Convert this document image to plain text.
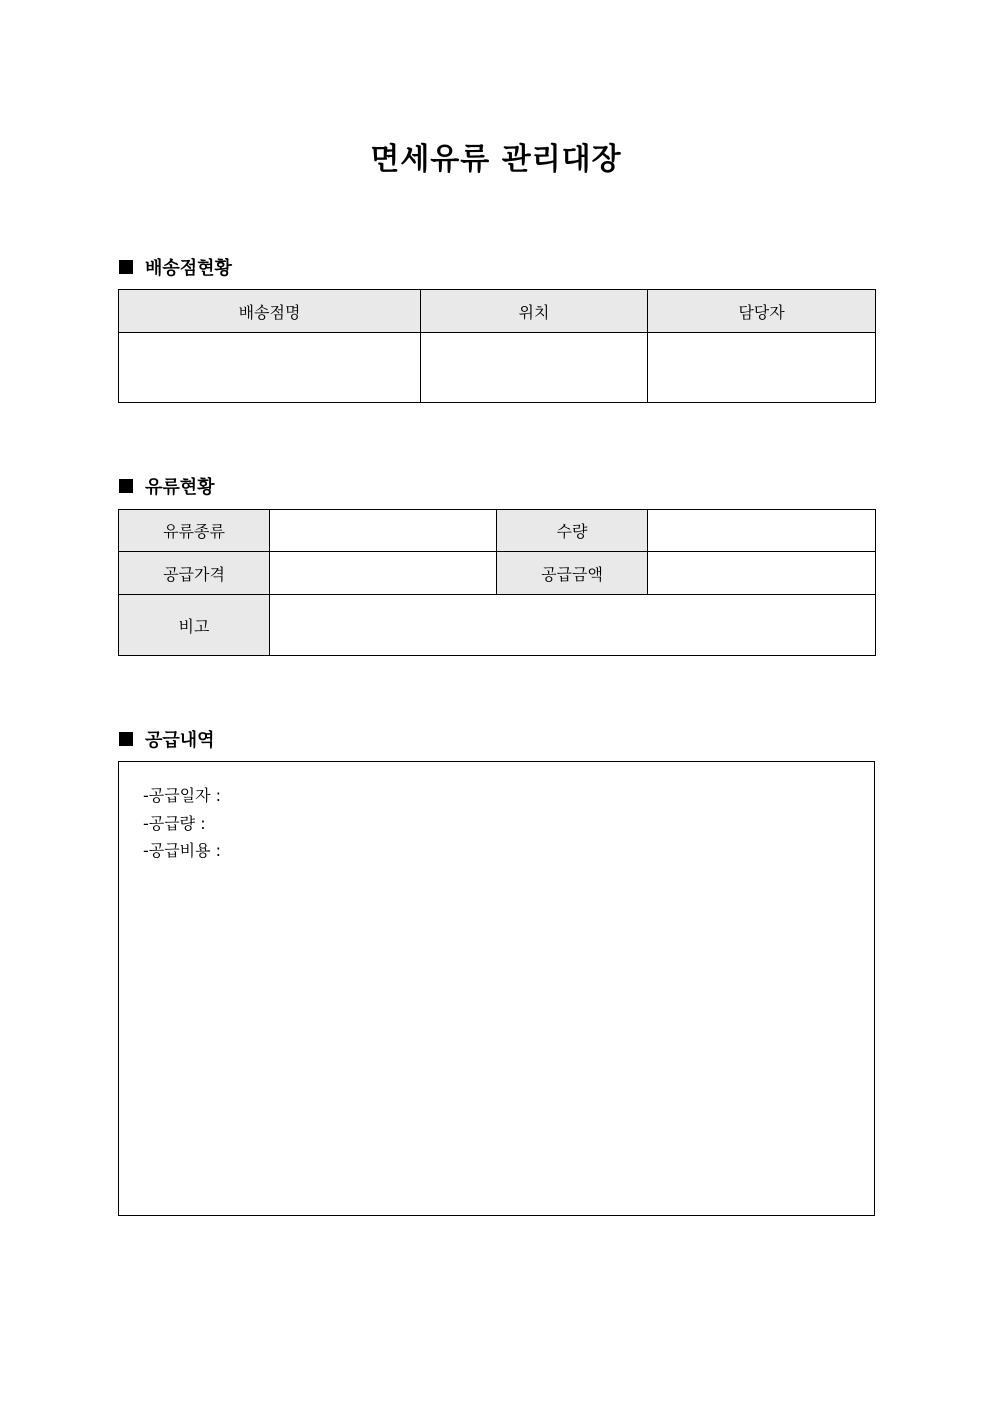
면세유류 관리대장
배송점현황
배송점명	위치	담당자

유류현황
유류종류		수량	
공급가격		공급금액	
비고			
공급내역
-공급일자 :
-공급량 :
-공급비용 :
